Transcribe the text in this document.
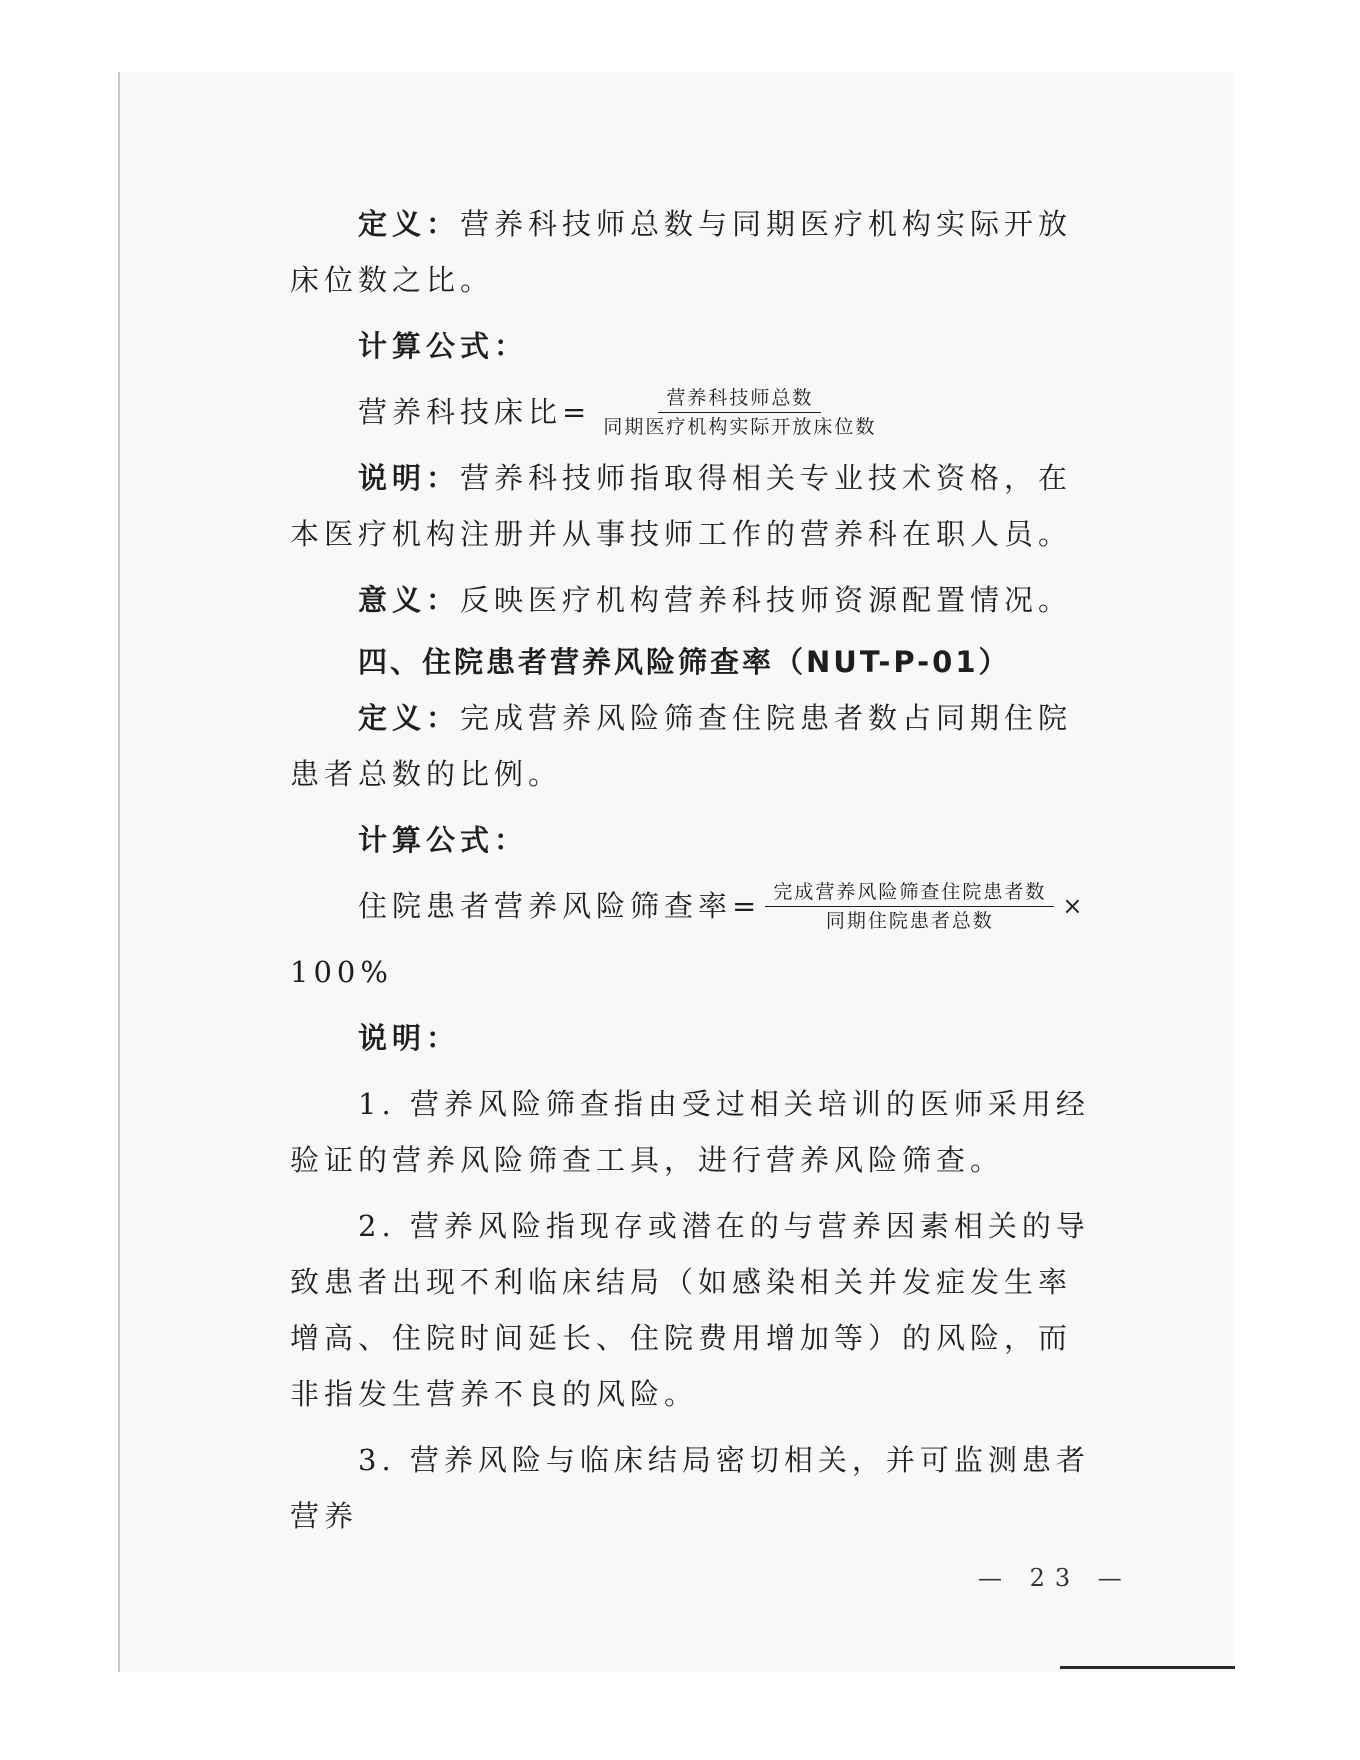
定义：营养科技师总数与同期医疗机构实际开放床位数之比。

计算公式：

营养科技床比= $\frac{\text{营养科技师总数}}{\text{同期医疗机构实际开放床位数}}$

说明：营养科技师指取得相关专业技术资格，在本医疗机构注册并从事技师工作的营养科在职人员。

意义：反映医疗机构营养科技师资源配置情况。

四、住院患者营养风险筛查率（NUT-P-01）

定义：完成营养风险筛查住院患者数占同期住院患者总数的比例。

计算公式：

住院患者营养风险筛查率= $\frac{\text{完成营养风险筛查住院患者数}}{\text{同期住院患者总数}}$ ×

100%

说明：

1. 营养风险筛查指由受过相关培训的医师采用经验证的营养风险筛查工具，进行营养风险筛查。

2. 营养风险指现存或潜在的与营养因素相关的导致患者出现不利临床结局（如感染相关并发症发生率增高、住院时间延长、住院费用增加等）的风险，而非指发生营养不良的风险。

3. 营养风险与临床结局密切相关，并可监测患者营养

— 23 —
